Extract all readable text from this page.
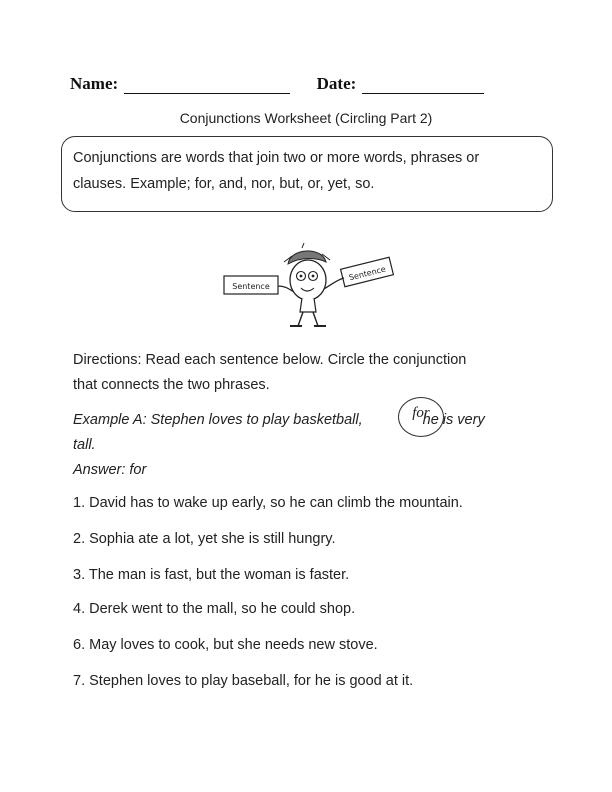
Name:	Date:
Conjunctions Worksheet (Circling Part 2)
Conjunctions are words that join two or more words, phrases or
clauses. Example; for, and, nor, but, or, yet, so.
Sentence
Sentence
Directions: Read each sentence below. Circle the conjunction
that connects the two phrases.
Example A: Stephen loves to play basketball,	he is very
tall.
Answer: for
for
1. David has to wake up early, so he can climb the mountain.
2. Sophia ate a lot, yet she is still hungry.
3. The man is fast, but the woman is faster.
4. Derek went to the mall, so he could shop.
6. May loves to cook, but she needs new stove.
7. Stephen loves to play baseball, for he is good at it.
